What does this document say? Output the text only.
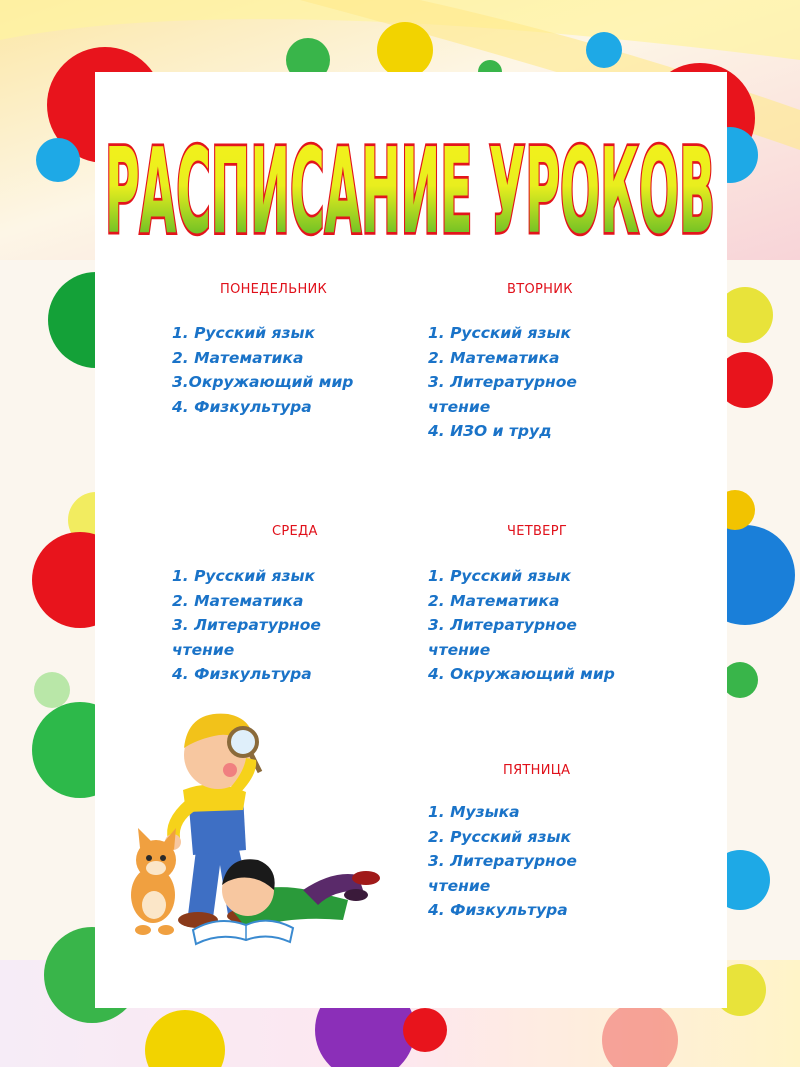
РАСПИСАНИЕ УРОКОВ
ПОНЕДЕЛЬНИК
1. Русский язык
2. Математика
3.Окружающий мир
4. Физкультура
ВТОРНИК
1. Русский язык
2. Математика
3. Литературное
чтение
4. ИЗО и труд
СРЕДА
1. Русский язык
2. Математика
3. Литературное
чтение
4. Физкультура
ЧЕТВЕРГ
1. Русский язык
2. Математика
3. Литературное
чтение
4. Окружающий мир
ПЯТНИЦА
1. Музыка
2. Русский язык
3. Литературное
чтение
4. Физкультура
